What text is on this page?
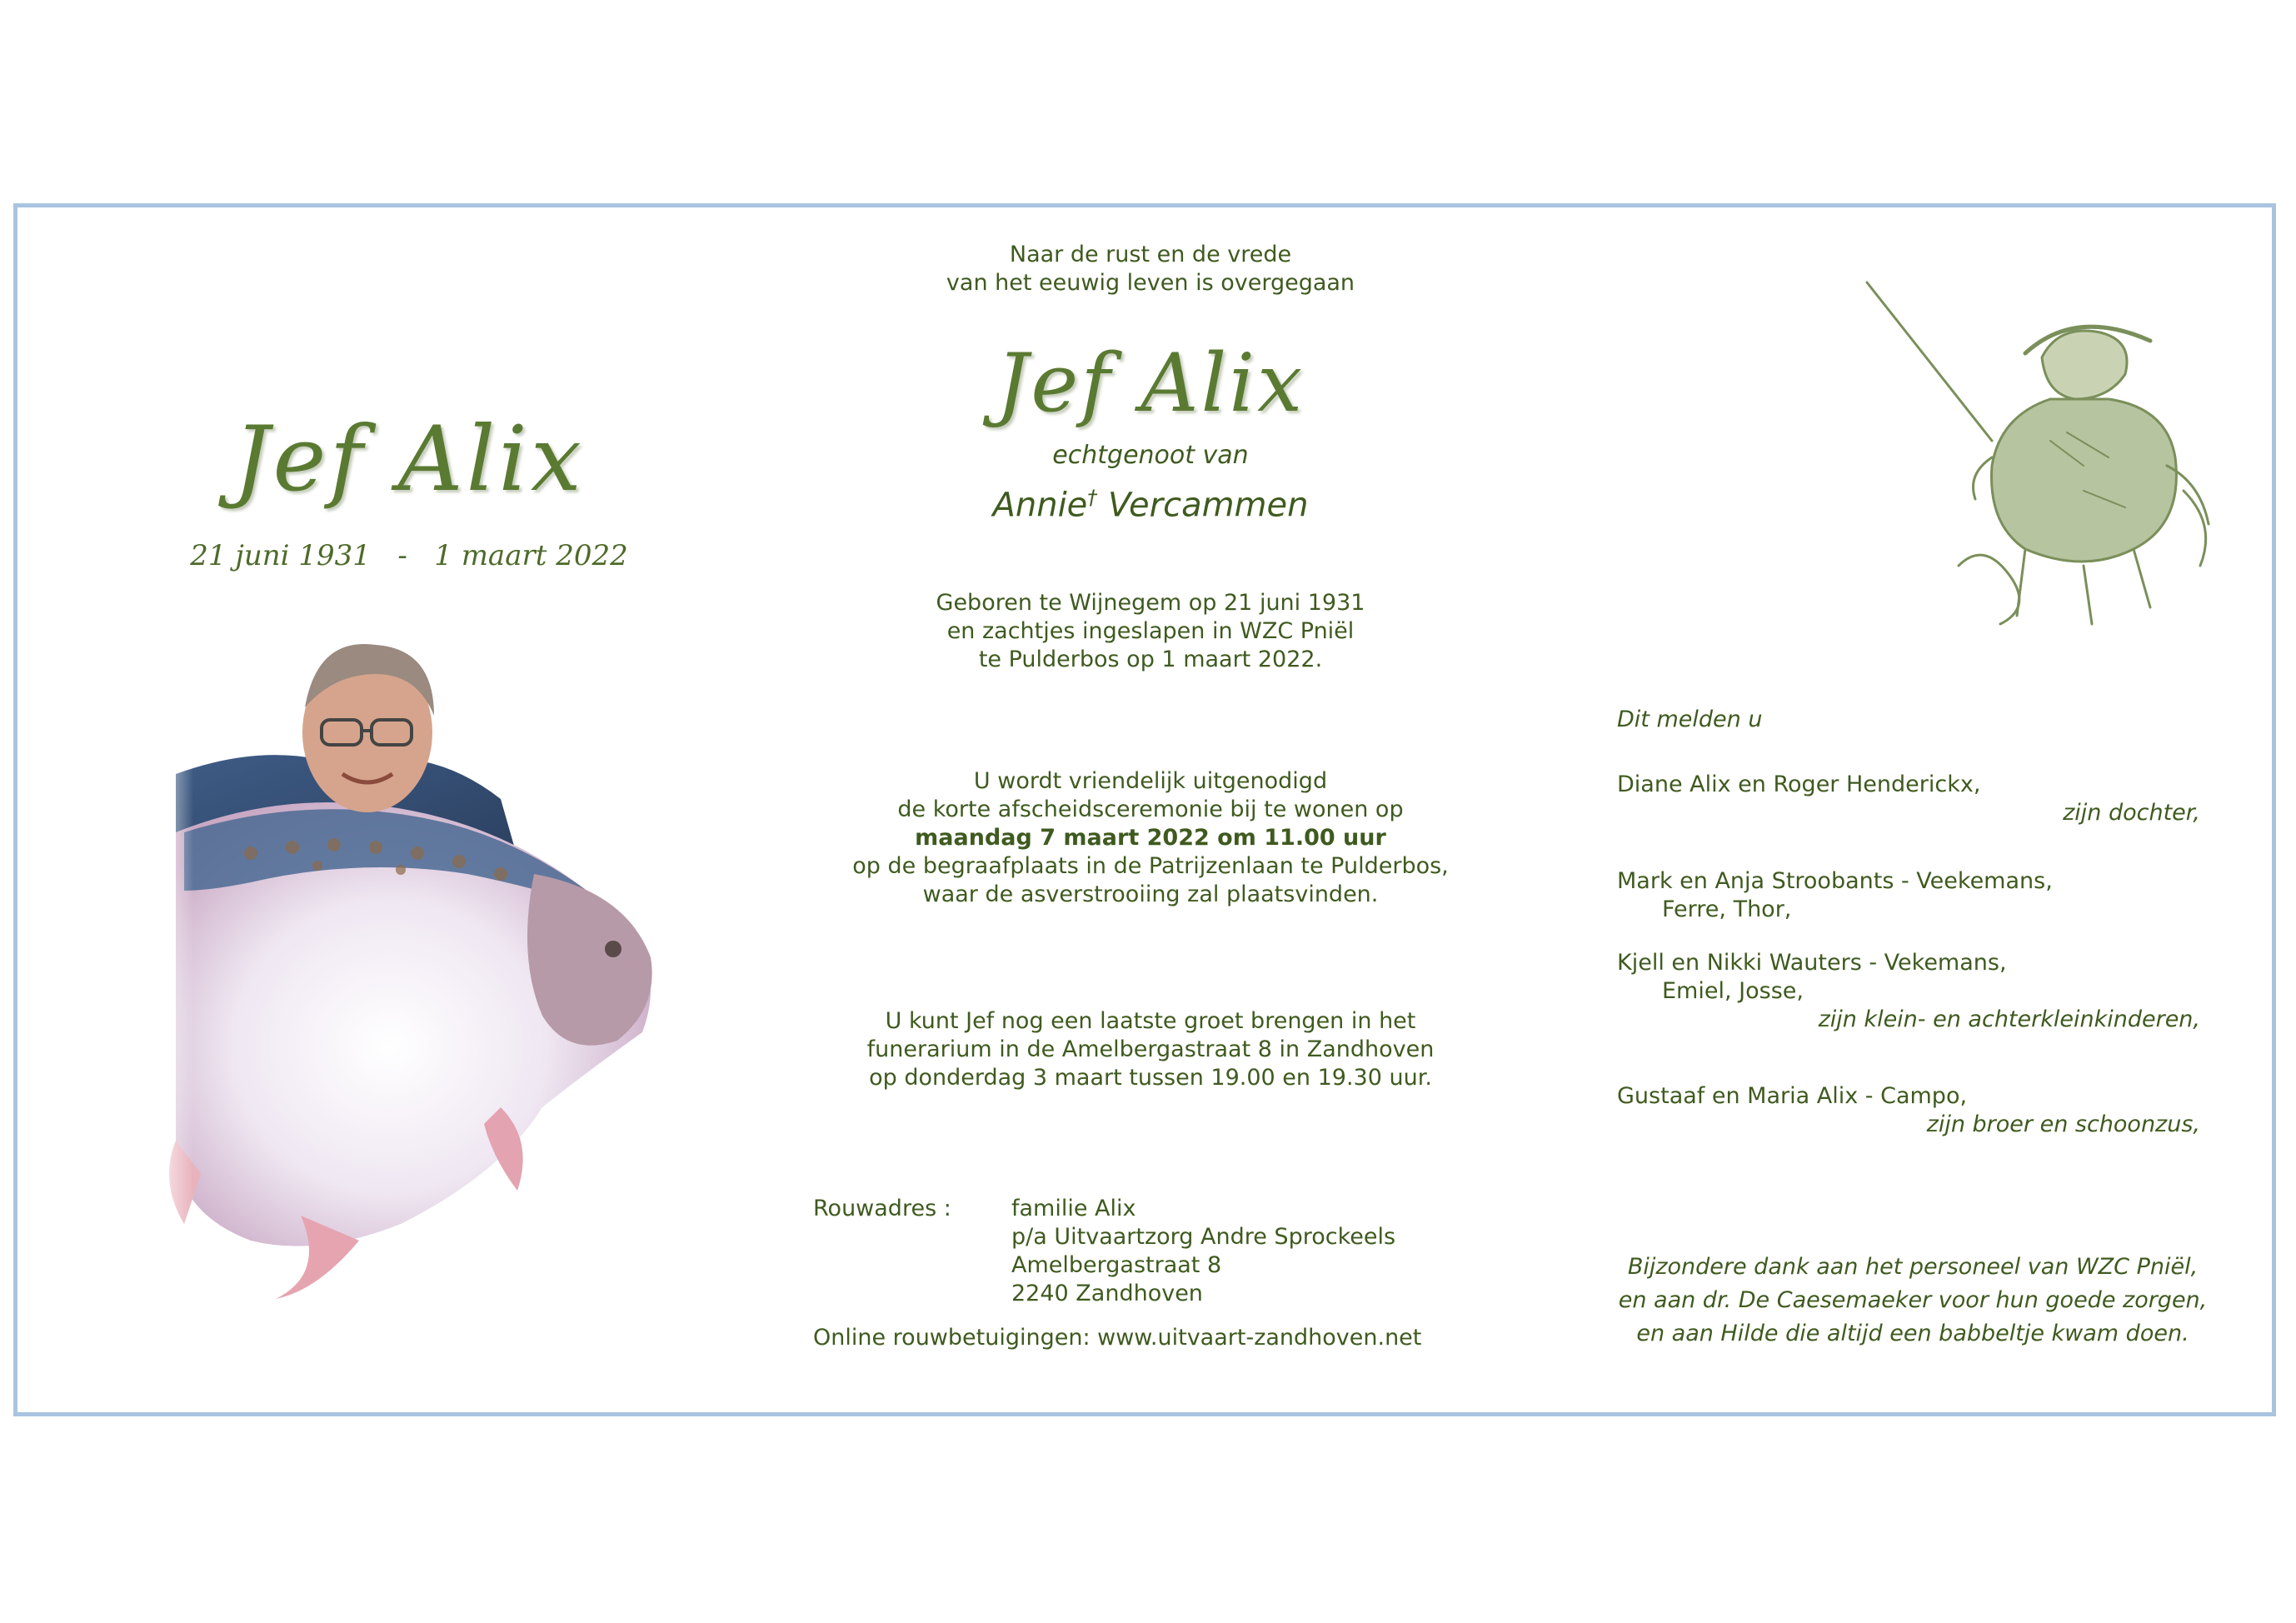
Jef Alix
21 juni 1931 - 1 maart 2022
Naar de rust en de vrede
van het eeuwig leven is overgegaan
Jef Alix
echtgenoot van
Annie† Vercammen
Geboren te Wijnegem op 21 juni 1931
en zachtjes ingeslapen in WZC Pniël
te Pulderbos op 1 maart 2022.
U wordt vriendelijk uitgenodigd
de korte afscheidsceremonie bij te wonen op
maandag 7 maart 2022 om 11.00 uur
op de begraafplaats in de Patrijzenlaan te Pulderbos,
waar de asverstrooiing zal plaatsvinden.
U kunt Jef nog een laatste groet brengen in het
funerarium in de Amelbergastraat 8 in Zandhoven
op donderdag 3 maart tussen 19.00 en 19.30 uur.
Rouwadres :	familie Alix
p/a Uitvaartzorg Andre Sprockeels
Amelbergastraat 8
2240 Zandhoven
Online rouwbetuigingen: www.uitvaart-zandhoven.net
Dit melden u
Diane Alix en Roger Henderickx,
zijn dochter,
Mark en Anja Stroobants - Veekemans,
Ferre, Thor,
Kjell en Nikki Wauters - Vekemans,
Emiel, Josse,
zijn klein- en achterkleinkinderen,
Gustaaf en Maria Alix - Campo,
zijn broer en schoonzus,
Bijzondere dank aan het personeel van WZC Pniël,
en aan dr. De Caesemaeker voor hun goede zorgen,
en aan Hilde die altijd een babbeltje kwam doen.
